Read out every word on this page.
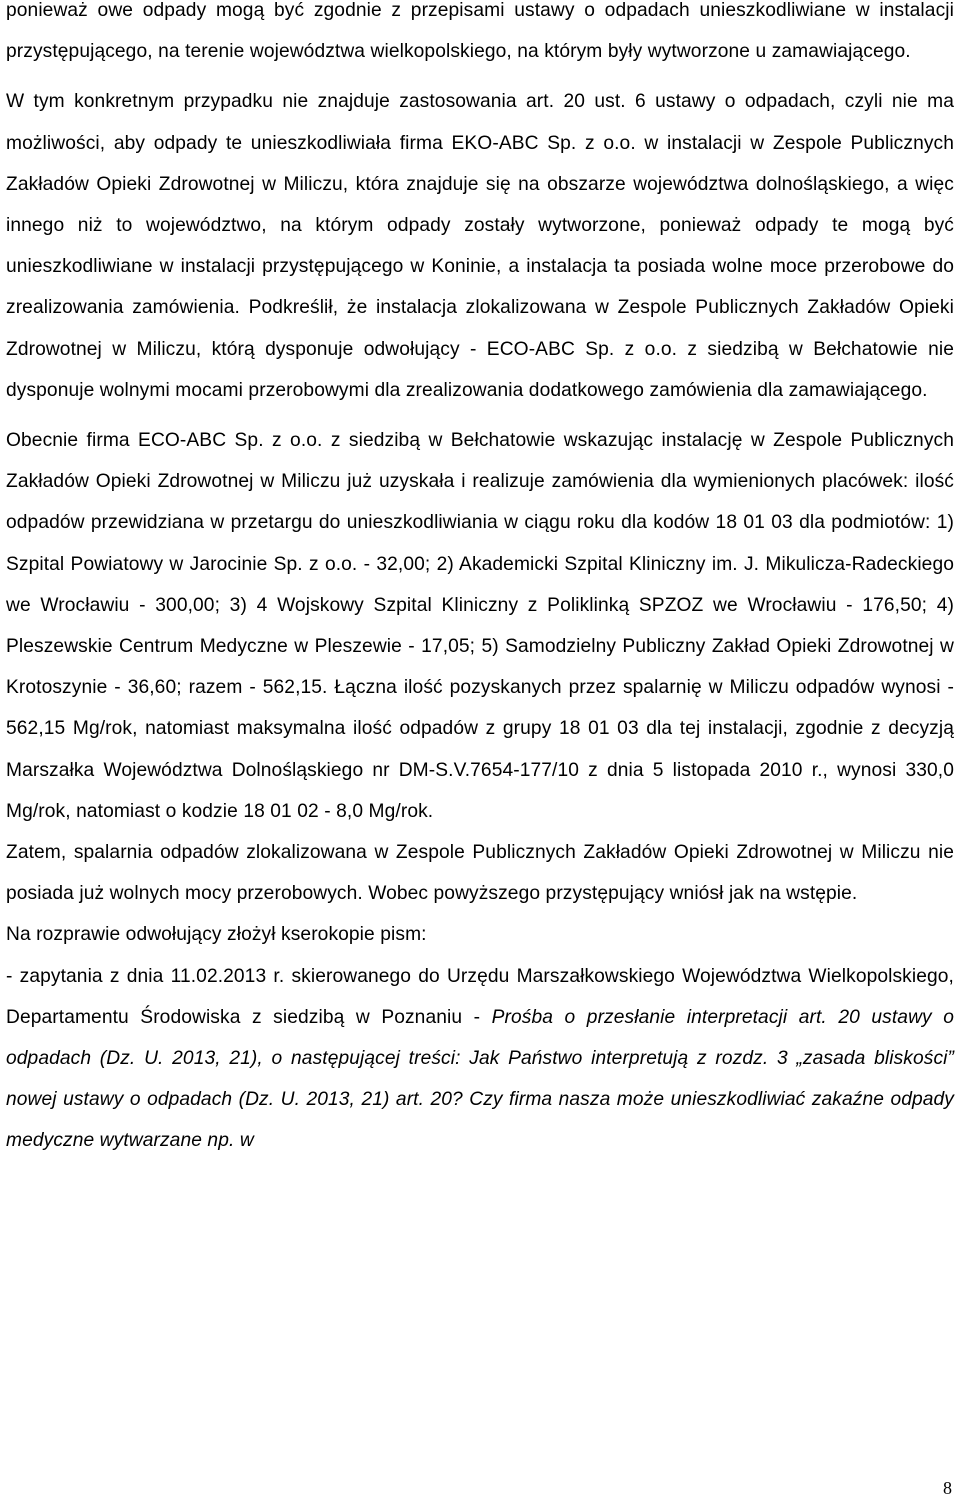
ponieważ owe odpady mogą być zgodnie z przepisami ustawy o odpadach unieszkodliwiane w instalacji przystępującego, na terenie województwa wielkopolskiego, na którym były wytworzone u zamawiającego.

W tym konkretnym przypadku nie znajduje zastosowania art. 20 ust. 6 ustawy o odpadach, czyli nie ma możliwości, aby odpady te unieszkodliwiała firma EKO-ABC Sp. z o.o. w instalacji w Zespole Publicznych Zakładów Opieki Zdrowotnej w Miliczu, która znajduje się na obszarze województwa dolnośląskiego, a więc innego niż to województwo, na którym odpady zostały wytworzone, ponieważ odpady te mogą być unieszkodliwiane w instalacji przystępującego w Koninie, a instalacja ta posiada wolne moce przerobowe do zrealizowania zamówienia. Podkreślił, że instalacja zlokalizowana w Zespole Publicznych Zakładów Opieki Zdrowotnej w Miliczu, którą dysponuje odwołujący - ECO-ABC Sp. z o.o. z siedzibą w Bełchatowie nie dysponuje wolnymi mocami przerobowymi dla zrealizowania dodatkowego zamówienia dla zamawiającego.

Obecnie firma ECO-ABC Sp. z o.o. z siedzibą w Bełchatowie wskazując instalację w Zespole Publicznych Zakładów Opieki Zdrowotnej w Miliczu już uzyskała i realizuje zamówienia dla wymienionych placówek: ilość odpadów przewidziana w przetargu do unieszkodliwiania w ciągu roku dla kodów 18 01 03 dla podmiotów: 1) Szpital Powiatowy w Jarocinie Sp. z o.o. - 32,00; 2) Akademicki Szpital Kliniczny im. J. Mikulicza-Radeckiego we Wrocławiu - 300,00; 3) 4 Wojskowy Szpital Kliniczny z Poliklinką SPZOZ we Wrocławiu - 176,50; 4) Pleszewskie Centrum Medyczne w Pleszewie - 17,05; 5) Samodzielny Publiczny Zakład Opieki Zdrowotnej w Krotoszynie - 36,60; razem - 562,15. Łączna ilość pozyskanych przez spalarnię w Miliczu odpadów wynosi - 562,15 Mg/rok, natomiast maksymalna ilość odpadów z grupy 18 01 03 dla tej instalacji, zgodnie z decyzją Marszałka Województwa Dolnośląskiego nr DM-S.V.7654-177/10 z dnia 5 listopada 2010 r., wynosi 330,0 Mg/rok, natomiast o kodzie 18 01 02 - 8,0 Mg/rok.

Zatem, spalarnia odpadów zlokalizowana w Zespole Publicznych Zakładów Opieki Zdrowotnej w Miliczu nie posiada już wolnych mocy przerobowych. Wobec powyższego przystępujący wniósł jak na wstępie.

Na rozprawie odwołujący złożył kserokopie pism:

- zapytania z dnia 11.02.2013 r. skierowanego do Urzędu Marszałkowskiego Województwa Wielkopolskiego, Departamentu Środowiska z siedzibą w Poznaniu - Prośba o przesłanie interpretacji art. 20 ustawy o odpadach (Dz. U. 2013, 21), o następującej treści: Jak Państwo interpretują z rozdz. 3 „zasada bliskości” nowej ustawy o odpadach (Dz. U. 2013, 21) art. 20? Czy firma nasza może unieszkodliwiać zakaźne odpady medyczne wytwarzane np. w

8
